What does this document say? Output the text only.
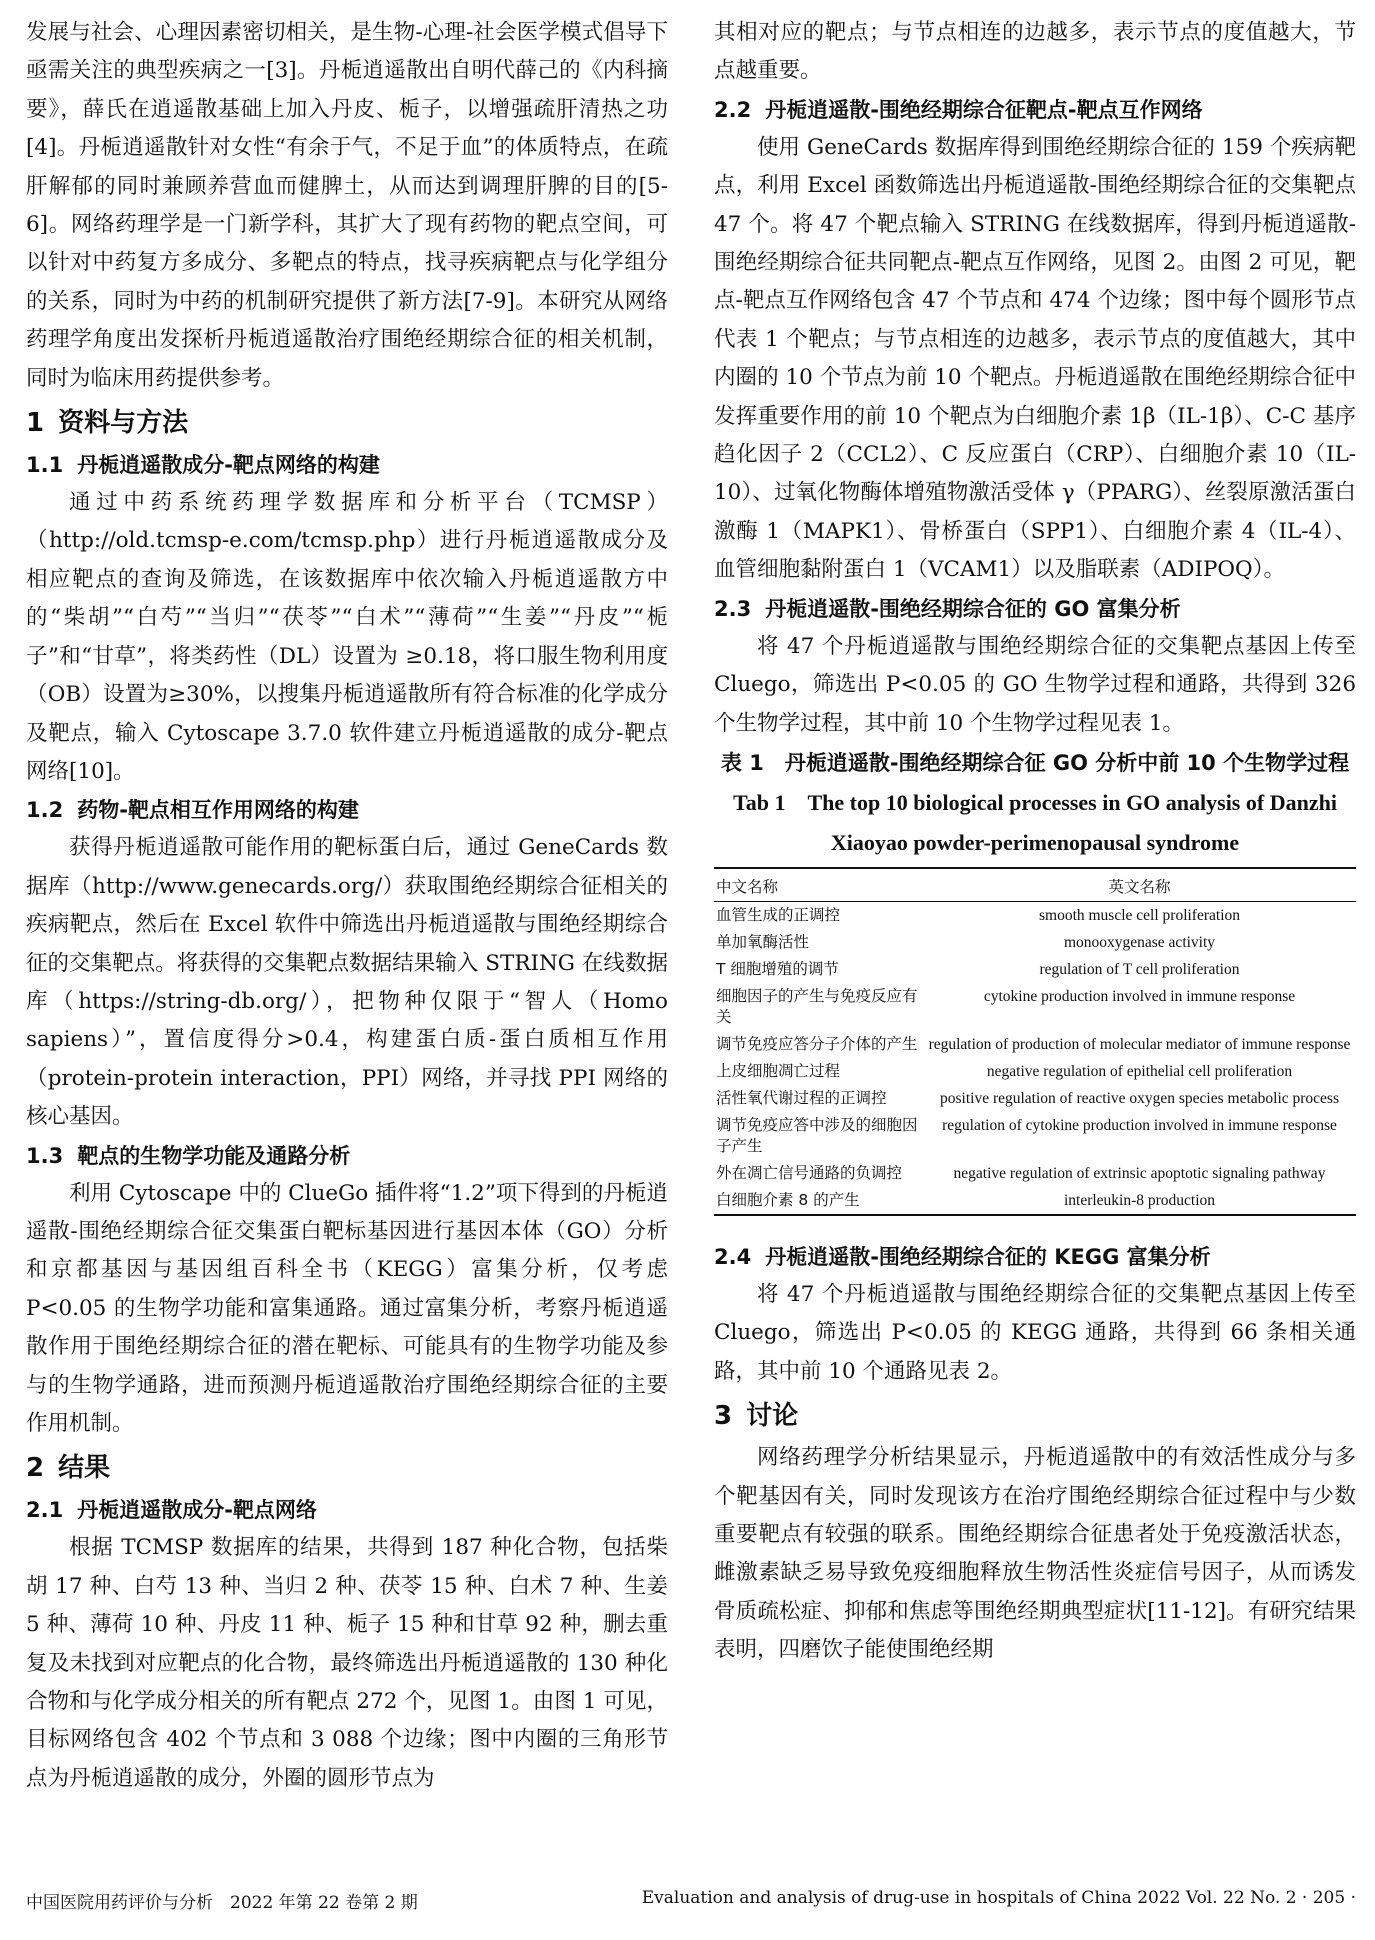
发展与社会、心理因素密切相关，是生物-心理-社会医学模式倡导下亟需关注的典型疾病之一[3]。丹栀逍遥散出自明代薛己的《内科摘要》，薛氏在逍遥散基础上加入丹皮、栀子，以增强疏肝清热之功[4]。丹栀逍遥散针对女性“有余于气，不足于血”的体质特点，在疏肝解郁的同时兼顾养营血而健脾土，从而达到调理肝脾的目的[5-6]。网络药理学是一门新学科，其扩大了现有药物的靶点空间，可以针对中药复方多成分、多靶点的特点，找寻疾病靶点与化学组分的关系，同时为中药的机制研究提供了新方法[7-9]。本研究从网络药理学角度出发探析丹栀逍遥散治疗围绝经期综合征的相关机制，同时为临床用药提供参考。

1 资料与方法
1.1 丹栀逍遥散成分-靶点网络的构建

通过中药系统药理学数据库和分析平台（TCMSP）（http://old.tcmsp-e.com/tcmsp.php）进行丹栀逍遥散成分及相应靶点的查询及筛选，在该数据库中依次输入丹栀逍遥散方中的“柴胡”“白芍”“当归”“茯苓”“白术”“薄荷”“生姜”“丹皮”“栀子”和“甘草”，将类药性（DL）设置为 ≥0.18，将口服生物利用度（OB）设置为≥30%，以搜集丹栀逍遥散所有符合标准的化学成分及靶点，输入 Cytoscape 3.7.0 软件建立丹栀逍遥散的成分-靶点网络[10]。

1.2 药物-靶点相互作用网络的构建

获得丹栀逍遥散可能作用的靶标蛋白后，通过 GeneCards 数据库（http://www.genecards.org/）获取围绝经期综合征相关的疾病靶点，然后在 Excel 软件中筛选出丹栀逍遥散与围绝经期综合征的交集靶点。将获得的交集靶点数据结果输入 STRING 在线数据库（https://string-db.org/），把物种仅限于“智人（Homo sapiens）”，置信度得分>0.4，构建蛋白质-蛋白质相互作用（protein-protein interaction，PPI）网络，并寻找 PPI 网络的核心基因。

1.3 靶点的生物学功能及通路分析

利用 Cytoscape 中的 ClueGo 插件将“1.2”项下得到的丹栀逍遥散-围绝经期综合征交集蛋白靶标基因进行基因本体（GO）分析和京都基因与基因组百科全书（KEGG）富集分析，仅考虑 P<0.05 的生物学功能和富集通路。通过富集分析，考察丹栀逍遥散作用于围绝经期综合征的潜在靶标、可能具有的生物学功能及参与的生物学通路，进而预测丹栀逍遥散治疗围绝经期综合征的主要作用机制。

2 结果
2.1 丹栀逍遥散成分-靶点网络

根据 TCMSP 数据库的结果，共得到 187 种化合物，包括柴胡 17 种、白芍 13 种、当归 2 种、茯苓 15 种、白术 7 种、生姜 5 种、薄荷 10 种、丹皮 11 种、栀子 15 种和甘草 92 种，删去重复及未找到对应靶点的化合物，最终筛选出丹栀逍遥散的 130 种化合物和与化学成分相关的所有靶点 272 个，见图 1。由图 1 可见，目标网络包含 402 个节点和 3 088 个边缘；图中内圈的三角形节点为丹栀逍遥散的成分，外圈的圆形节点为

其相对应的靶点；与节点相连的边越多，表示节点的度值越大，节点越重要。

2.2 丹栀逍遥散-围绝经期综合征靶点-靶点互作网络

使用 GeneCards 数据库得到围绝经期综合征的 159 个疾病靶点，利用 Excel 函数筛选出丹栀逍遥散-围绝经期综合征的交集靶点 47 个。将 47 个靶点输入 STRING 在线数据库，得到丹栀逍遥散-围绝经期综合征共同靶点-靶点互作网络，见图 2。由图 2 可见，靶点-靶点互作网络包含 47 个节点和 474 个边缘；图中每个圆形节点代表 1 个靶点；与节点相连的边越多，表示节点的度值越大，其中内圈的 10 个节点为前 10 个靶点。丹栀逍遥散在围绝经期综合征中发挥重要作用的前 10 个靶点为白细胞介素 1β（IL-1β）、C-C 基序趋化因子 2（CCL2）、C 反应蛋白（CRP）、白细胞介素 10（IL-10）、过氧化物酶体增殖物激活受体 γ（PPARG）、丝裂原激活蛋白激酶 1（MAPK1）、骨桥蛋白（SPP1）、白细胞介素 4（IL-4）、血管细胞黏附蛋白 1（VCAM1）以及脂联素（ADIPOQ）。

2.3 丹栀逍遥散-围绝经期综合征的 GO 富集分析

将 47 个丹栀逍遥散与围绝经期综合征的交集靶点基因上传至 Cluego，筛选出 P<0.05 的 GO 生物学过程和通路，共得到 326 个生物学过程，其中前 10 个生物学过程见表 1。

表 1　丹栀逍遥散-围绝经期综合征 GO 分析中前 10 个生物学过程

Tab 1　The top 10 biological processes in GO analysis of Danzhi Xiaoyao powder-perimenopausal syndrome

中文名称	英文名称
血管生成的正调控	smooth muscle cell proliferation
单加氧酶活性	monooxygenase activity
T 细胞增殖的调节	regulation of T cell proliferation
细胞因子的产生与免疫反应有关	cytokine production involved in immune response
调节免疫应答分子介体的产生	regulation of production of molecular mediator of immune response
上皮细胞凋亡过程	negative regulation of epithelial cell proliferation
活性氧代谢过程的正调控	positive regulation of reactive oxygen species metabolic process
调节免疫应答中涉及的细胞因子产生	regulation of cytokine production involved in immune response
外在凋亡信号通路的负调控	negative regulation of extrinsic apoptotic signaling pathway
白细胞介素 8 的产生	interleukin-8 production
2.4 丹栀逍遥散-围绝经期综合征的 KEGG 富集分析

将 47 个丹栀逍遥散与围绝经期综合征的交集靶点基因上传至 Cluego，筛选出 P<0.05 的 KEGG 通路，共得到 66 条相关通路，其中前 10 个通路见表 2。

3 讨论

网络药理学分析结果显示，丹栀逍遥散中的有效活性成分与多个靶基因有关，同时发现该方在治疗围绝经期综合征过程中与少数重要靶点有较强的联系。围绝经期综合征患者处于免疫激活状态，雌激素缺乏易导致免疫细胞释放生物活性炎症信号因子，从而诱发骨质疏松症、抑郁和焦虑等围绝经期典型症状[11-12]。有研究结果表明，四磨饮子能使围绝经期

中国医院用药评价与分析　2022 年第 22 卷第 2 期	Evaluation and analysis of drug-use in hospitals of China 2022 Vol. 22 No. 2 · 205 ·
